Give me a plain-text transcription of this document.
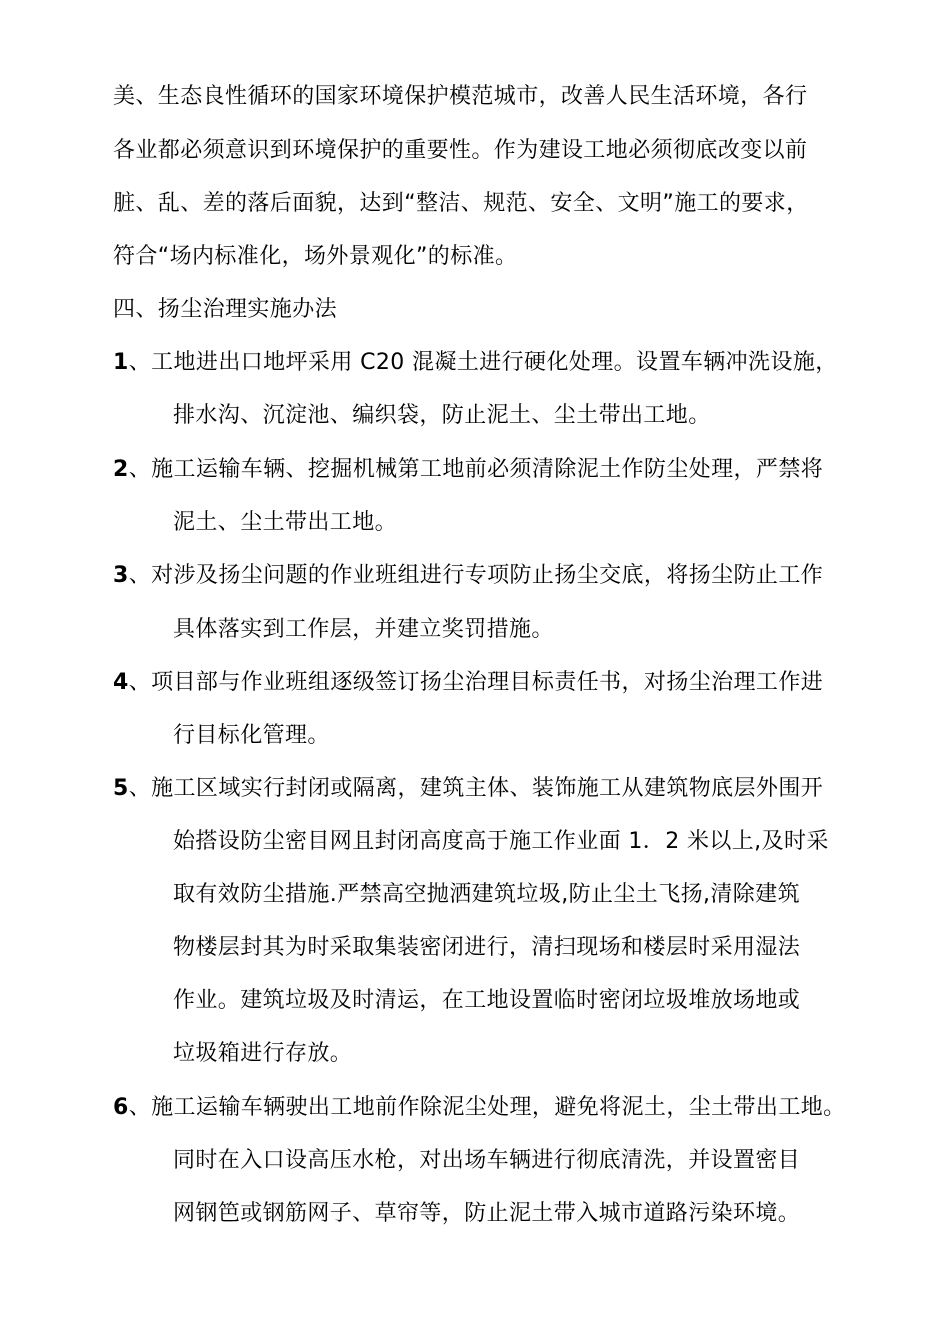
美、生态良性循环的国家环境保护模范城市，改善人民生活环境，各行
各业都必须意识到环境保护的重要性。作为建设工地必须彻底改变以前
脏、乱、差的落后面貌，达到“整洁、规范、安全、文明”施工的要求，
符合“场内标准化，场外景观化”的标准。
四、扬尘治理实施办法
1、工地进出口地坪采用 C20 混凝土进行硬化处理。设置车辆冲洗设施，
排水沟、沉淀池、编织袋，防止泥土、尘土带出工地。
2、施工运输车辆、挖掘机械第工地前必须清除泥土作防尘处理，严禁将
泥土、尘土带出工地。
3、对涉及扬尘问题的作业班组进行专项防止扬尘交底，将扬尘防止工作
具体落实到工作层，并建立奖罚措施。
4、项目部与作业班组逐级签订扬尘治理目标责任书，对扬尘治理工作进
行目标化管理。
5、施工区域实行封闭或隔离，建筑主体、装饰施工从建筑物底层外围开
始搭设防尘密目网且封闭高度高于施工作业面 1．2 米以上,及时采
取有效防尘措施.严禁高空抛洒建筑垃圾,防止尘土飞扬,清除建筑
物楼层封其为时采取集装密闭进行，清扫现场和楼层时采用湿法
作业。建筑垃圾及时清运，在工地设置临时密闭垃圾堆放场地或
垃圾箱进行存放。
6、施工运输车辆驶出工地前作除泥尘处理，避免将泥土，尘土带出工地。
同时在入口设高压水枪，对出场车辆进行彻底清洗，并设置密目
网钢笆或钢筋网子、草帘等，防止泥土带入城市道路污染环境。
